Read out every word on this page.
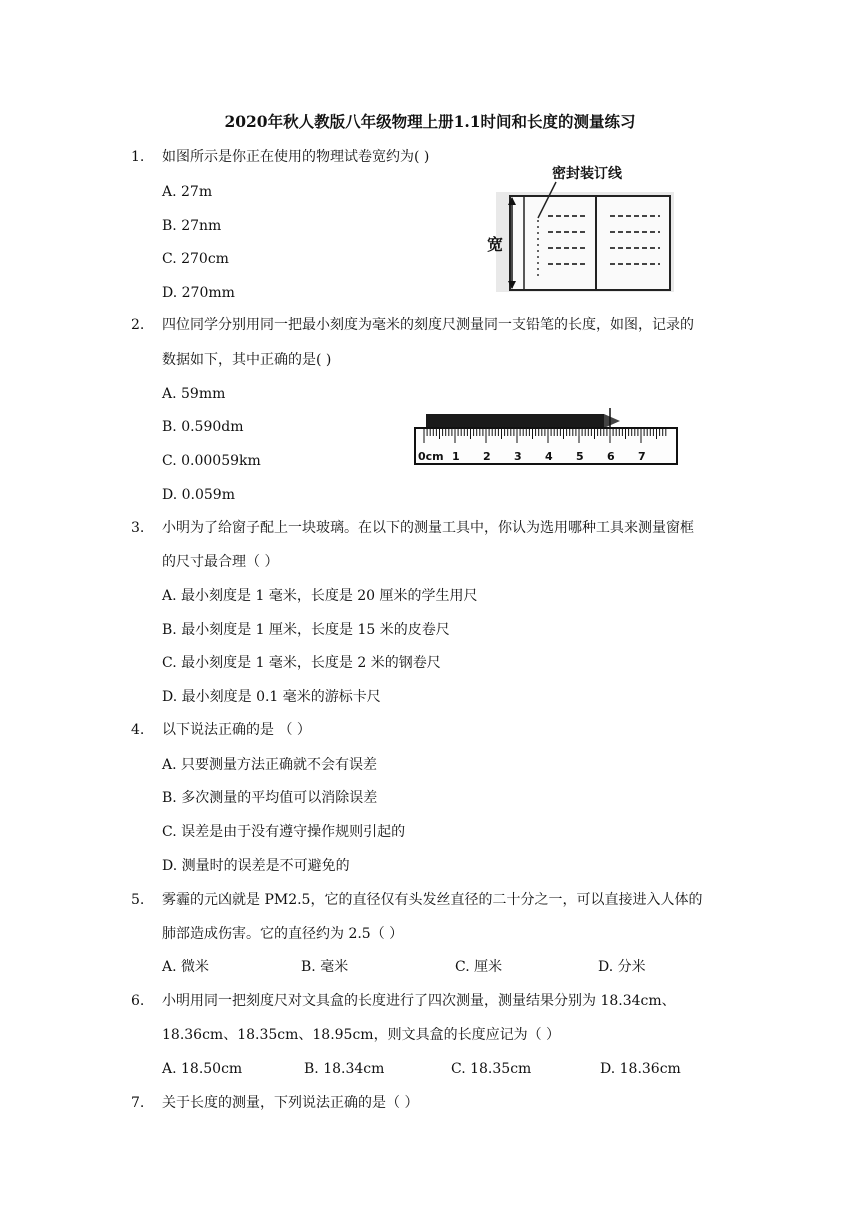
2020年秋人教版八年级物理上册1.1时间和长度的测量练习
1. 如图所示是你正在使用的物理试卷宽约为( )
A. 27m
B. 27nm
C. 270cm
D. 270mm
密封装订线
宽
2. 四位同学分别用同一把最小刻度为毫米的刻度尺测量同一支铅笔的长度，如图，记录的
数据如下，其中正确的是( )
A. 59mm
B. 0.590dm
C. 0.00059km
D. 0.059m
0cm 1 2 3 4 5 6 7
3. 小明为了给窗子配上一块玻璃。在以下的测量工具中，你认为选用哪种工具来测量窗框
的尺寸最合理（ ）
A. 最小刻度是 1 毫米，长度是 20 厘米的学生用尺
B. 最小刻度是 1 厘米，长度是 15 米的皮卷尺
C. 最小刻度是 1 毫米，长度是 2 米的钢卷尺
D. 最小刻度是 0.1 毫米的游标卡尺
4. 以下说法正确的是 （ ）
A. 只要测量方法正确就不会有误差
B. 多次测量的平均值可以消除误差
C. 误差是由于没有遵守操作规则引起的
D. 测量时的误差是不可避免的
5. 雾霾的元凶就是 PM2.5，它的直径仅有头发丝直径的二十分之一，可以直接进入人体的
肺部造成伤害。它的直径约为 2.5（ ）
A. 微米	B. 毫米	C. 厘米	D. 分米
6. 小明用同一把刻度尺对文具盒的长度进行了四次测量，测量结果分别为 18.34cm、
18.36cm、18.35cm、18.95cm，则文具盒的长度应记为（ ）
A. 18.50cm	B. 18.34cm	C. 18.35cm	D. 18.36cm
7. 关于长度的测量，下列说法正确的是（ ）
